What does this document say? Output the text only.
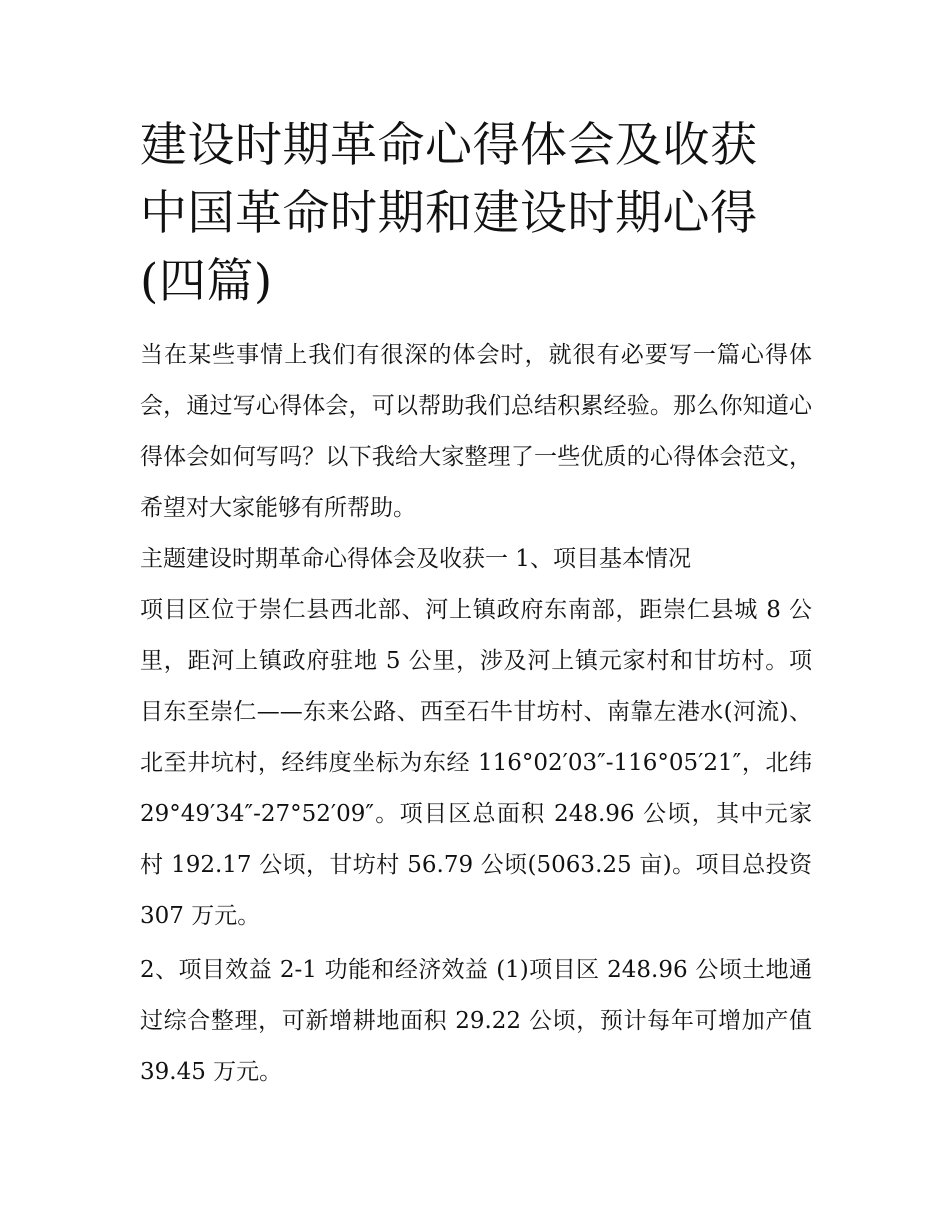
建设时期革命心得体会及收获
中国革命时期和建设时期心得
(四篇)

当在某些事情上我们有很深的体会时，就很有必要写一篇心得体会，通过写心得体会，可以帮助我们总结积累经验。那么你知道心得体会如何写吗？以下我给大家整理了一些优质的心得体会范文，希望对大家能够有所帮助。

主题建设时期革命心得体会及收获一 1、项目基本情况

项目区位于崇仁县西北部、河上镇政府东南部，距崇仁县城 8 公里，距河上镇政府驻地 5 公里，涉及河上镇元家村和甘坊村。项目东至崇仁——东来公路、西至石牛甘坊村、南靠左港水(河流)、北至井坑村，经纬度坐标为东经 116°02′03″-116°05′21″，北纬 29°49′34″-27°52′09″。项目区总面积 248.96 公顷，其中元家村 192.17 公顷，甘坊村 56.79 公顷(5063.25 亩)。项目总投资 307 万元。

2、项目效益 2-1 功能和经济效益 (1)项目区 248.96 公顷土地通过综合整理，可新增耕地面积 29.22 公顷，预计每年可增加产值 39.45 万元。
